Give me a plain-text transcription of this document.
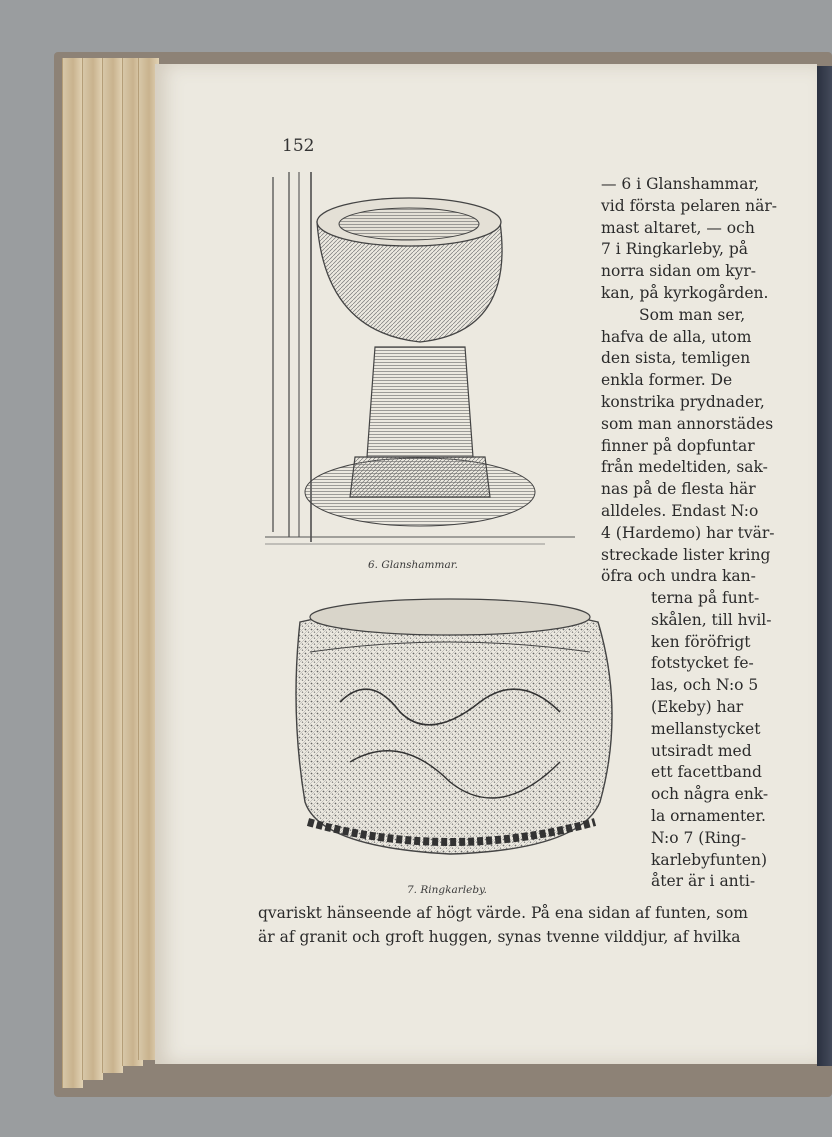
152
6. Glanshammar.
7. Ringkarleby.
— 6 i Glanshammar,
vid första pelaren när-
mast altaret, — och
7 i Ringkarleby, på
norra sidan om kyr-
kan, på kyrkogården.
Som man ser,
hafva de alla, utom
den sista, temligen
enkla former. De
konstrika prydnader,
som man annorstädes
finner på dopfuntar
från medeltiden, sak-
nas på de flesta här
alldeles. Endast N:o
4 (Hardemo) har tvär-
streckade lister kring
öfra och undra kan-
terna på funt-
skålen, till hvil-
ken föröfrigt
fotstycket fe-
las, och N:o 5
(Ekeby) har
mellanstycket
utsiradt med
ett facettband
och några enk-
la ornamenter.
N:o 7 (Ring-
karlebyfunten)
åter är i anti-
qvariskt hänseende af högt värde. På ena sidan af funten, som
är af granit och groft huggen, synas tvenne vilddjur, af hvilka
